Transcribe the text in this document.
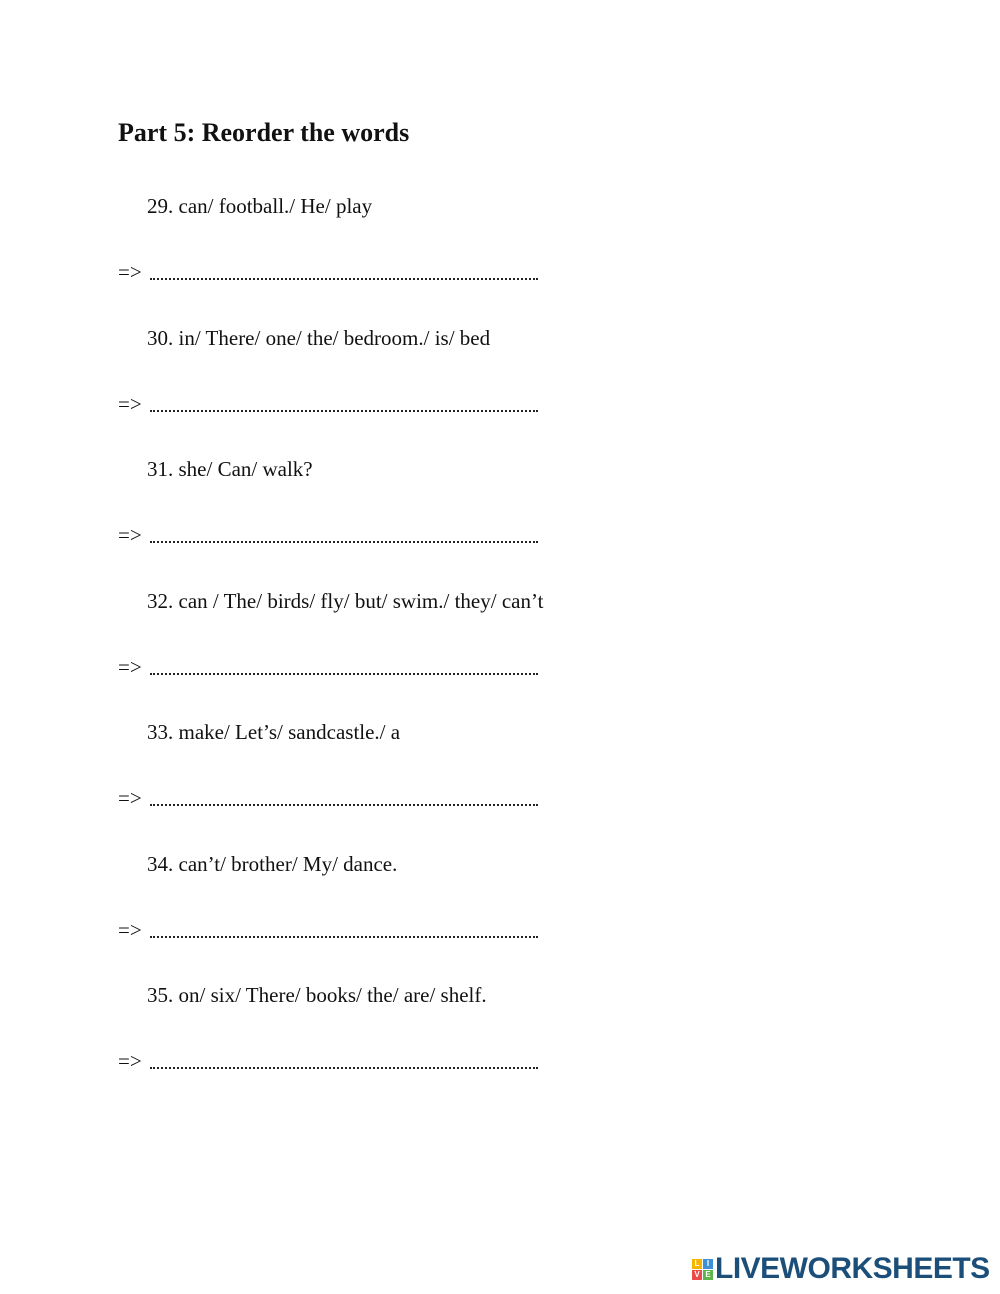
Part 5: Reorder the words
29. can/ football./ He/ play
=>
30. in/ There/ one/ the/ bedroom./ is/ bed
=>
31. she/ Can/ walk?
=>
32. can / The/ birds/ fly/ but/ swim./ they/ can’t
=>
33. make/ Let’s/ sandcastle./ a
=>
34. can’t/ brother/ My/ dance.
=>
35. on/ six/ There/ books/ the/ are/ shelf.
=>
L I
V E LIVEWORKSHEETS
